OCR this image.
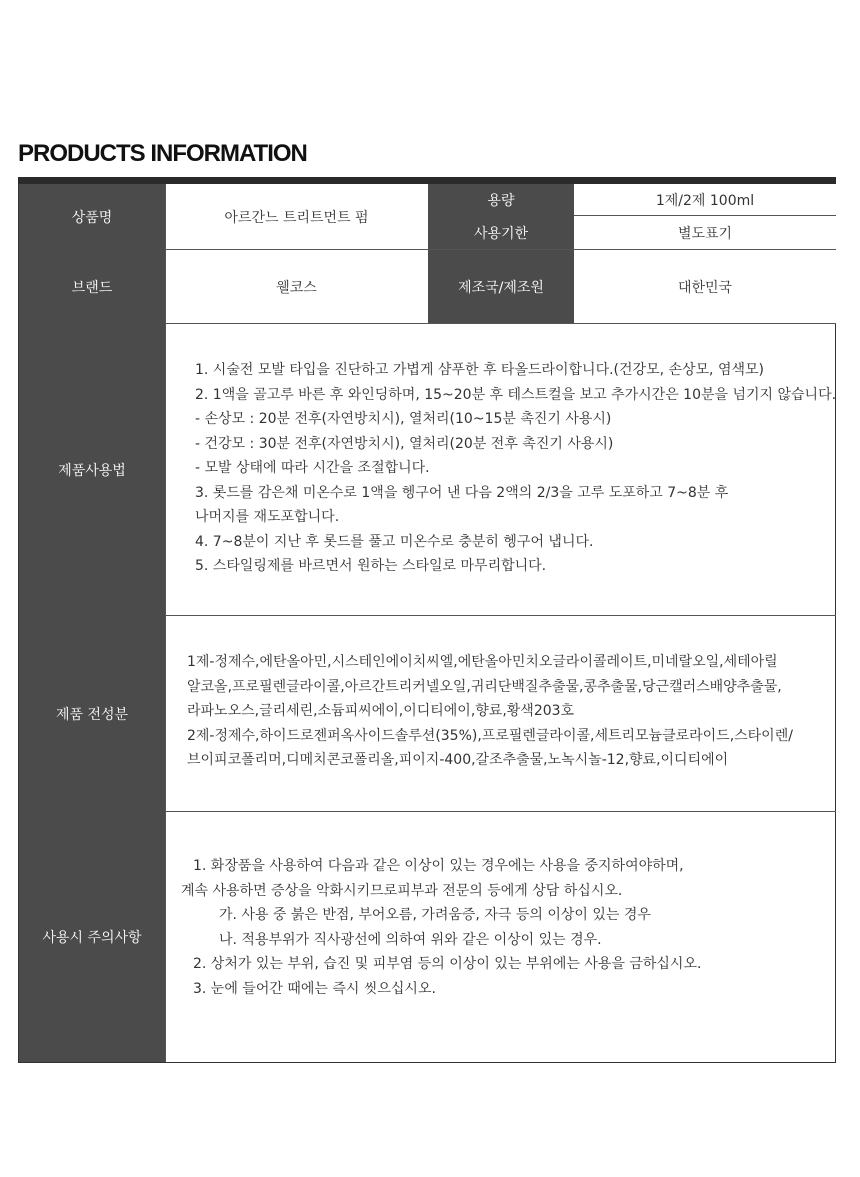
PRODUCTS INFORMATION
상품명	아르간느 트리트먼트 펌
용량	1제/2제 100ml
사용기한	별도표기
브랜드	웰코스	제조국/제조원	대한민국
제품사용법
1. 시술전 모발 타입을 진단하고 가볍게 샴푸한 후 타올드라이합니다.(건강모, 손상모, 염색모)
2. 1액을 골고루 바른 후 와인딩하며, 15~20분 후 테스트컬을 보고 추가시간은 10분을 넘기지 않습니다.
- 손상모 : 20분 전후(자연방치시), 열처리(10~15분 촉진기 사용시)
- 건강모 : 30분 전후(자연방치시), 열처리(20분 전후 촉진기 사용시)
- 모발 상태에 따라 시간을 조절합니다.
3. 롯드를 감은채 미온수로 1액을 헹구어 낸 다음 2액의 2/3을 고루 도포하고 7~8분 후
나머지를 재도포합니다.
4. 7~8분이 지난 후 롯드를 풀고 미온수로 충분히 헹구어 냅니다.
5. 스타일링제를 바르면서 원하는 스타일로 마무리합니다.
제품 전성분
1제-정제수,에탄올아민,시스테인에이치씨엘,에탄올아민치오글라이콜레이트,미네랄오일,세테아릴
알코올,프로필렌글라이콜,아르간트리커넬오일,귀리단백질추출물,콩추출물,당근캘러스배양추출물,
라파노오스,글리세린,소듐피씨에이,이디티에이,향료,황색203호
2제-정제수,하이드로젠퍼옥사이드솔루션(35%),프로필렌글라이콜,세트리모늄클로라이드,스타이렌/
브이피코폴리머,디메치콘코폴리올,피이지-400,갈조추출물,노녹시놀-12,향료,이디티에이
사용시 주의사항
1. 화장품을 사용하여 다음과 같은 이상이 있는 경우에는 사용을 중지하여야하며,
계속 사용하면 증상을 악화시키므로피부과 전문의 등에게 상담 하십시오.
가. 사용 중 붉은 반점, 부어오름, 가려움증, 자극 등의 이상이 있는 경우
나. 적용부위가 직사광선에 의하여 위와 같은 이상이 있는 경우.
2. 상처가 있는 부위, 습진 및 피부염 등의 이상이 있는 부위에는 사용을 금하십시오.
3. 눈에 들어간 때에는 즉시 씻으십시오.
